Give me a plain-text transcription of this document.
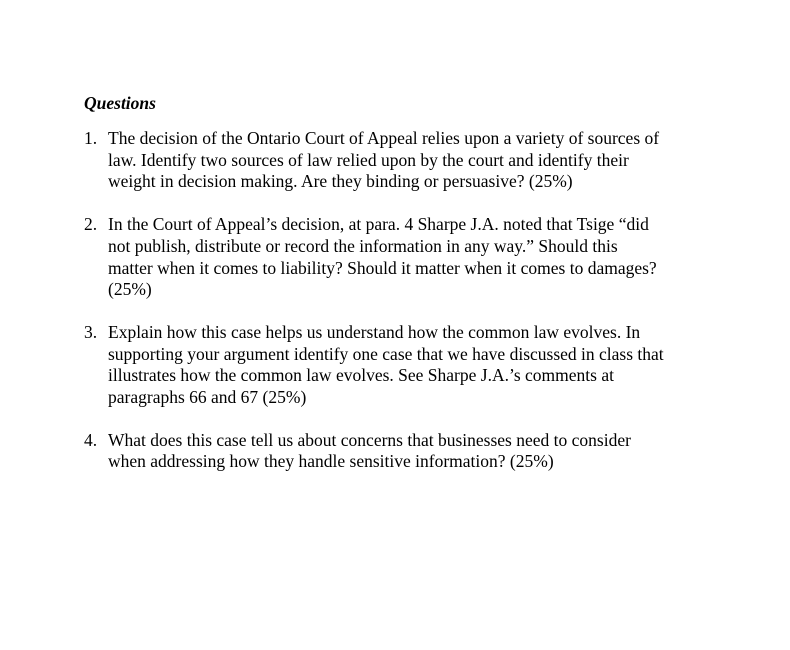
Questions
1. The decision of the Ontario Court of Appeal relies upon a variety of sources of
law. Identify two sources of law relied upon by the court and identify their
weight in decision making. Are they binding or persuasive? (25%)
2. In the Court of Appeal’s decision, at para. 4 Sharpe J.A. noted that Tsige “did
not publish, distribute or record the information in any way.” Should this
matter when it comes to liability? Should it matter when it comes to damages?
(25%)
3. Explain how this case helps us understand how the common law evolves. In
supporting your argument identify one case that we have discussed in class that
illustrates how the common law evolves. See Sharpe J.A.’s comments at
paragraphs 66 and 67 (25%)
4. What does this case tell us about concerns that businesses need to consider
when addressing how they handle sensitive information? (25%)
